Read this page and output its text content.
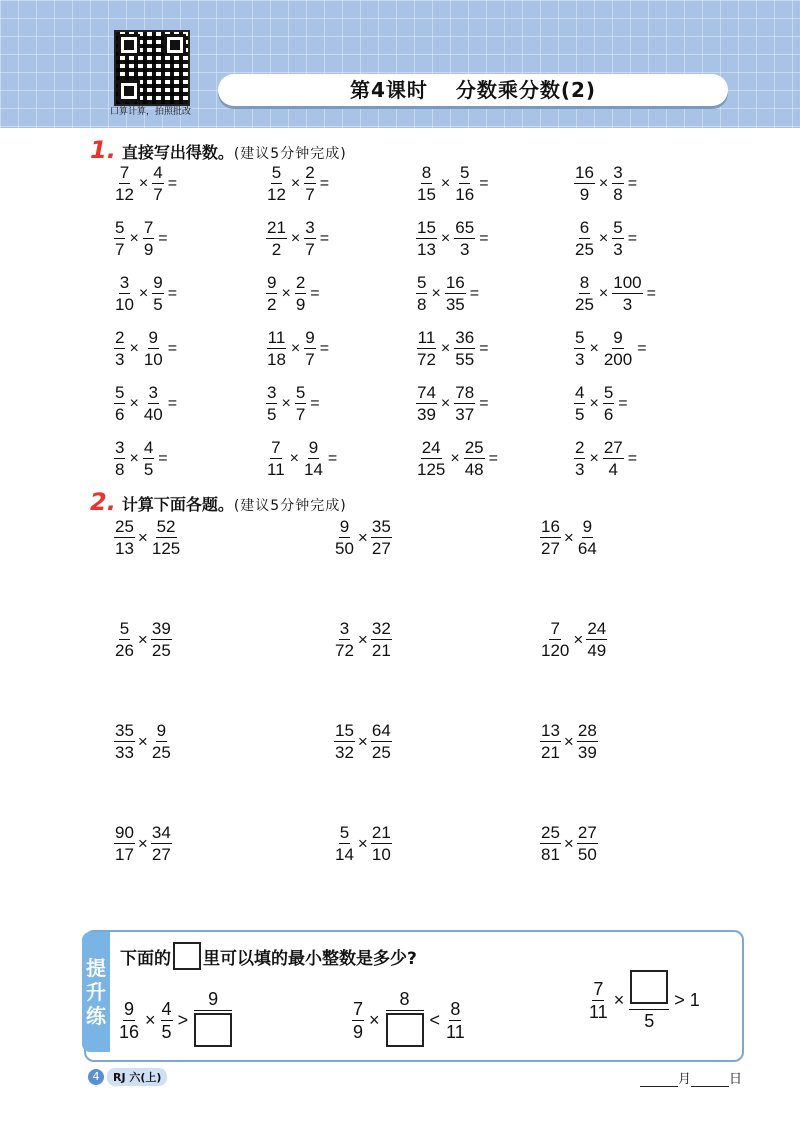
口算计算，拍照批改
第4课时 分数乘分数(2)
1. 直接写出得数。(建议5分钟完成)
$\frac{7}{12} \times \frac{4}{7}$ =	$\frac{5}{12} \times \frac{2}{7}$ =	$\frac{8}{15} \times \frac{5}{16}$ =	$\frac{16}{9} \times \frac{3}{8}$ =
$\frac{5}{7} \times \frac{7}{9}$ =	$\frac{21}{2} \times \frac{3}{7}$ =	$\frac{15}{13} \times \frac{65}{3}$ =	$\frac{6}{25} \times \frac{5}{3}$ =
$\frac{3}{10} \times \frac{9}{5}$ =	$\frac{9}{2} \times \frac{2}{9}$ =	$\frac{5}{8} \times \frac{16}{35}$ =	$\frac{8}{25} \times \frac{100}{3}$ =
$\frac{2}{3} \times \frac{9}{10}$ =	$\frac{11}{18} \times \frac{9}{7}$ =	$\frac{11}{72} \times \frac{36}{55}$ =	$\frac{5}{3} \times \frac{9}{200}$ =
$\frac{5}{6} \times \frac{3}{40}$ =	$\frac{3}{5} \times \frac{5}{7}$ =	$\frac{74}{39} \times \frac{78}{37}$ =	$\frac{4}{5} \times \frac{5}{6}$ =
$\frac{3}{8} \times \frac{4}{5}$ =	$\frac{7}{11} \times \frac{9}{14}$ =	$\frac{24}{125} \times \frac{25}{48}$ =	$\frac{2}{3} \times \frac{27}{4}$ =
2. 计算下面各题。(建议5分钟完成)
$\frac{25}{13} \times \frac{52}{125}$	$\frac{9}{50} \times \frac{35}{27}$	$\frac{16}{27} \times \frac{9}{64}$
$\frac{5}{26} \times \frac{39}{25}$	$\frac{3}{72} \times \frac{32}{21}$	$\frac{7}{120} \times \frac{24}{49}$
$\frac{35}{33} \times \frac{9}{25}$	$\frac{15}{32} \times \frac{64}{25}$	$\frac{13}{21} \times \frac{28}{39}$
$\frac{90}{17} \times \frac{34}{27}$	$\frac{5}{14} \times \frac{21}{10}$	$\frac{25}{81} \times \frac{27}{50}$
提
升
练
下面的 里可以填的最小整数是多少?
$\frac{9}{16} \times \frac{4}{5}$ >
9
$\frac{7}{9}$ ×
8
< $\frac{8}{11}$	$\frac{7}{11}$ ×
5
> 1
4	RJ 六(上)	月	日
